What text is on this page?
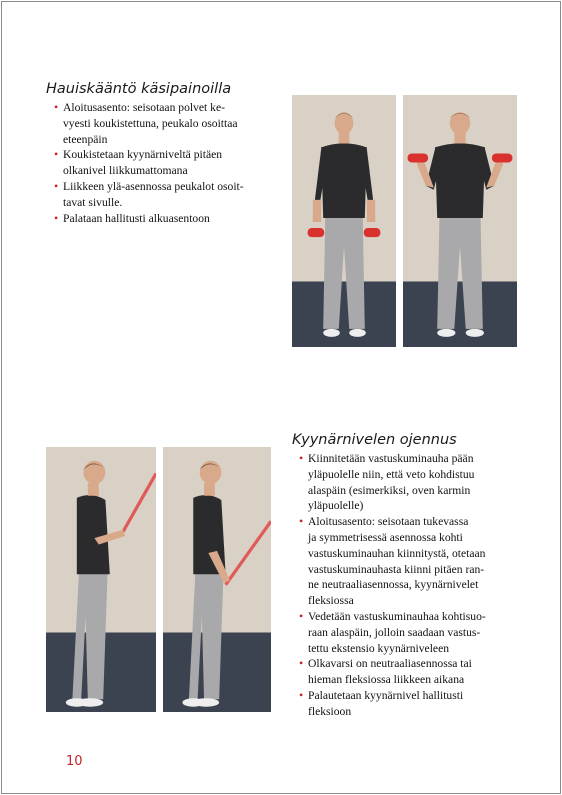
Hauiskääntö käsipainoilla
• Aloitusasento: seisotaan polvet ke-
vyesti koukistettuna, peukalo osoittaa
eteenpäin
• Koukistetaan kyynärniveltä pitäen
olkanivel liikkumattomana
• Liikkeen ylä-asennossa peukalot osoit-
tavat sivulle.
• Palataan hallitusti alkuasentoon
Kyynärnivelen ojennus
• Kiinnitetään vastuskuminauha pään
yläpuolelle niin, että veto kohdistuu
alaspäin (esimerkiksi, oven karmin
yläpuolelle)
• Aloitusasento: seisotaan tukevassa
ja symmetrisessä asennossa kohti
vastuskuminauhan kiinnitystä, otetaan
vastuskuminauhasta kiinni pitäen ran-
ne neutraaliasennossa, kyynärnivelet
fleksiossa
• Vedetään vastuskuminauhaa kohtisuo-
raan alaspäin, jolloin saadaan vastus-
tettu ekstensio kyynärniveleen
• Olkavarsi on neutraaliasennossa tai
hieman fleksiossa liikkeen aikana
• Palautetaan kyynärnivel hallitusti
fleksioon
10
